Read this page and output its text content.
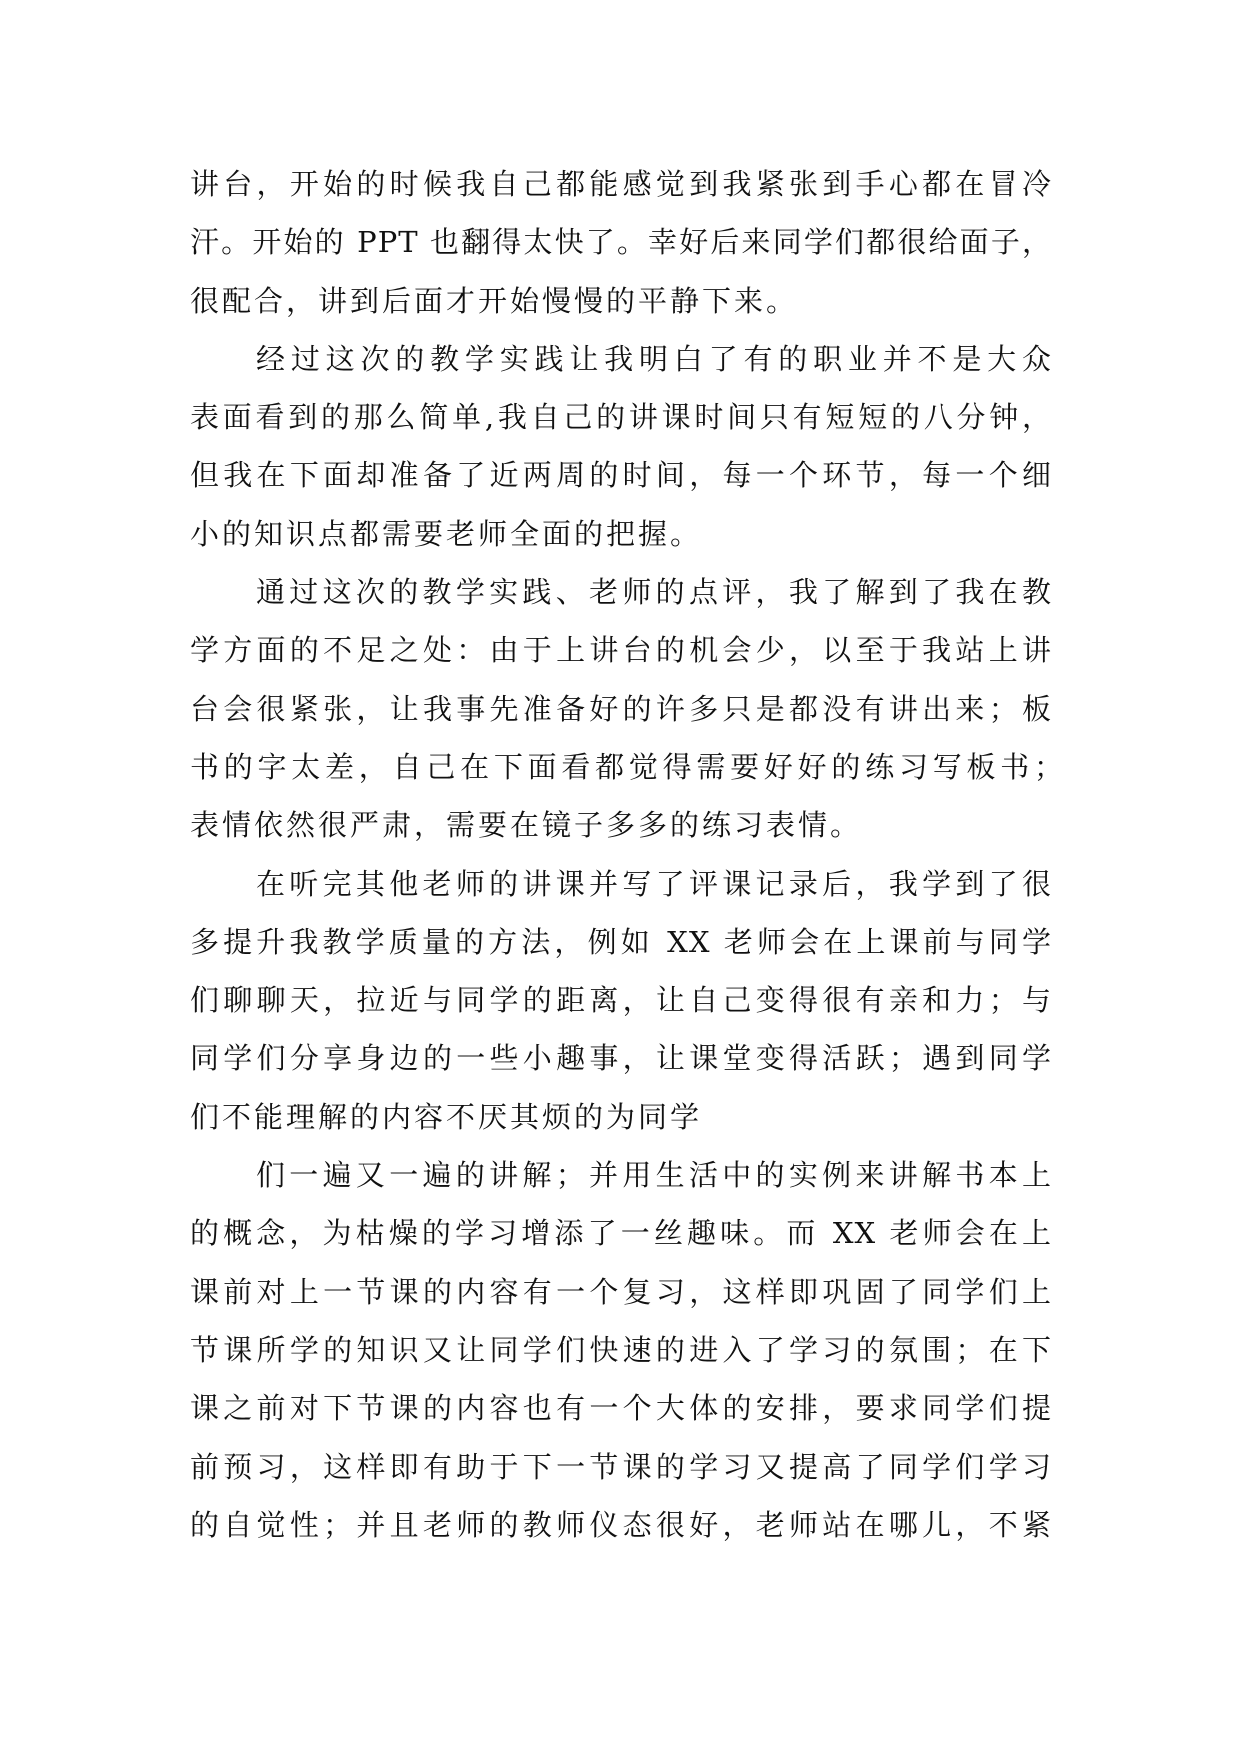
讲台，开始的时候我自己都能感觉到我紧张到手心都在冒冷
汗。开始的 PPT 也翻得太快了。幸好后来同学们都很给面子，
很配合，讲到后面才开始慢慢的平静下来。
经过这次的教学实践让我明白了有的职业并不是大众
表面看到的那么简单,我自己的讲课时间只有短短的八分钟，
但我在下面却准备了近两周的时间，每一个环节，每一个细
小的知识点都需要老师全面的把握。
通过这次的教学实践、老师的点评，我了解到了我在教
学方面的不足之处：由于上讲台的机会少，以至于我站上讲
台会很紧张，让我事先准备好的许多只是都没有讲出来；板
书的字太差，自己在下面看都觉得需要好好的练习写板书；
表情依然很严肃，需要在镜子多多的练习表情。
在听完其他老师的讲课并写了评课记录后，我学到了很
多提升我教学质量的方法，例如 XX 老师会在上课前与同学
们聊聊天，拉近与同学的距离，让自己变得很有亲和力；与
同学们分享身边的一些小趣事，让课堂变得活跃；遇到同学
们不能理解的内容不厌其烦的为同学
们一遍又一遍的讲解；并用生活中的实例来讲解书本上
的概念，为枯燥的学习增添了一丝趣味。而 XX 老师会在上
课前对上一节课的内容有一个复习，这样即巩固了同学们上
节课所学的知识又让同学们快速的进入了学习的氛围；在下
课之前对下节课的内容也有一个大体的安排，要求同学们提
前预习，这样即有助于下一节课的学习又提高了同学们学习
的自觉性；并且老师的教师仪态很好，老师站在哪儿，不紧
